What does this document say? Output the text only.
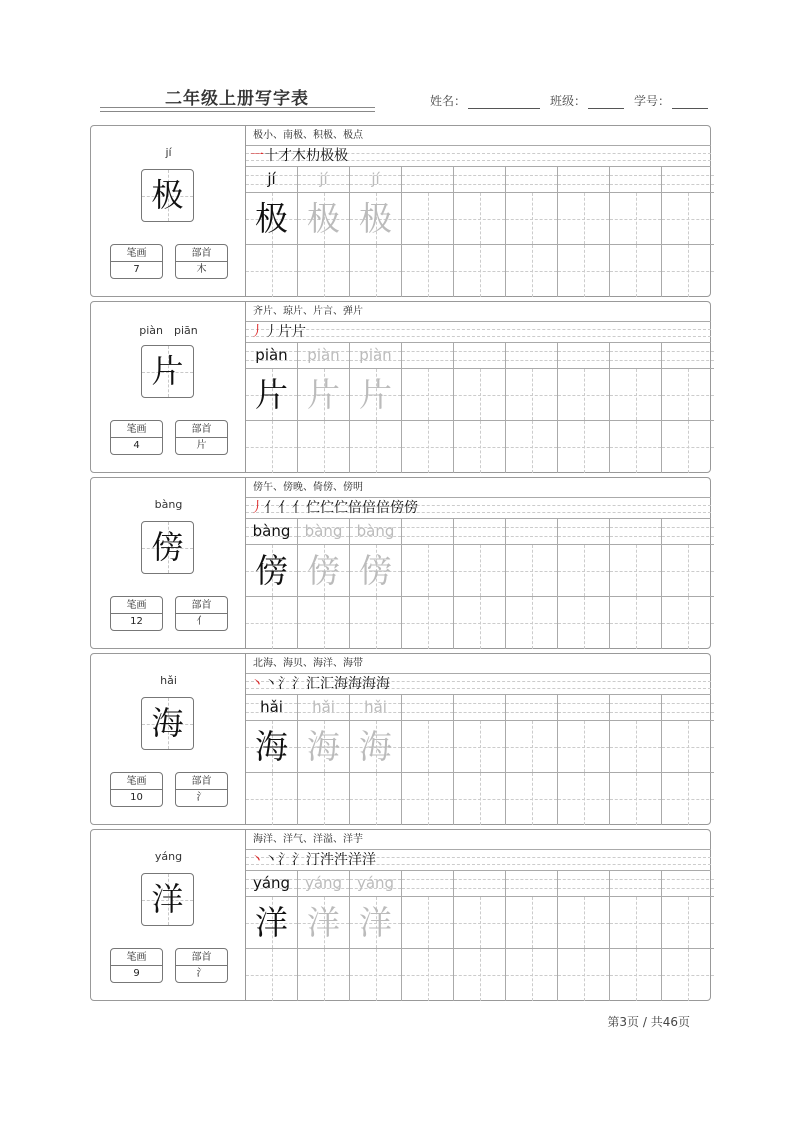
二年级上册写字表	姓名：	班级：	学号：
jí
极
笔画
7
部首
木
极小、南极、积极、极点
一十才木朸极极
jí
极
jí
极
jí
极
piàn　piān
片
笔画
4
部首
片
齐片、琼片、片言、弹片
丿丿片片
piàn
片
piàn
片
piàn
片
bàng
傍
笔画
12
部首
亻
傍午、傍晚、倚傍、傍明
丿亻亻亻伫伫伫倍倍倍傍傍
bàng
傍
bàng
傍
bàng
傍
hǎi
海
笔画
10
部首
氵
北海、海贝、海洋、海带
丶丶氵氵汇汇海海海海
hǎi
海
hǎi
海
hǎi
海
yáng
洋
笔画
9
部首
氵
海洋、洋气、洋溢、洋芋
丶丶氵氵汀汼汼洋洋
yáng
洋
yáng
洋
yáng
洋
第3页 / 共46页
